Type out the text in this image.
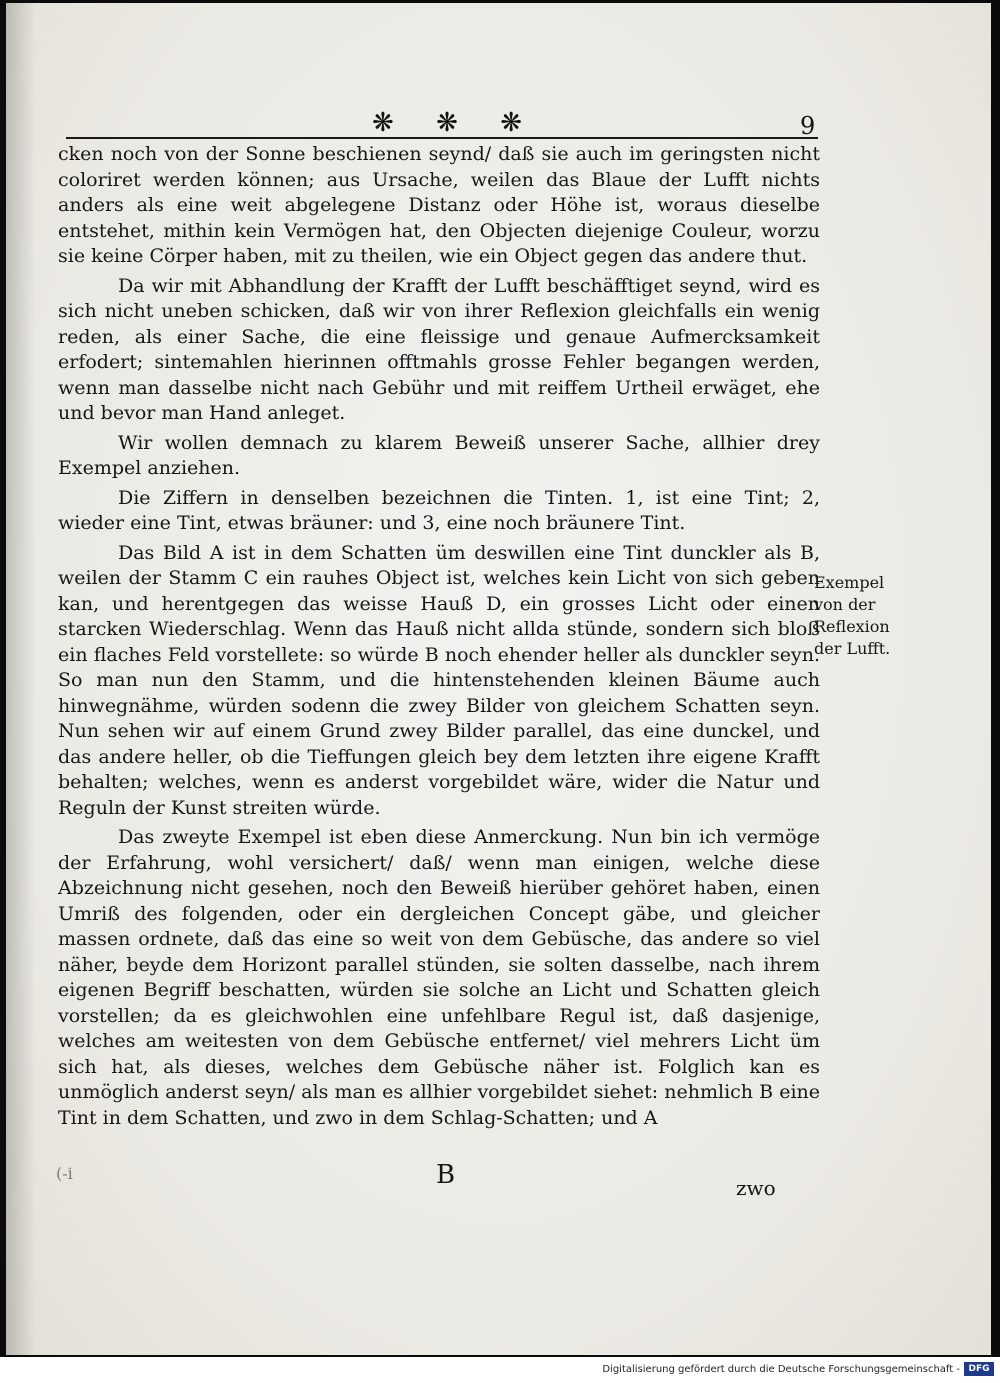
❋ ❋ ❋	9

cken noch von der Sonne beschienen seynd/ daß sie auch im geringsten nicht coloriret werden können; aus Ursache, weilen das Blaue der Lufft nichts anders als eine weit abgelegene Distanz oder Höhe ist, woraus dieselbe entstehet, mithin kein Vermögen hat, den Objecten diejenige Couleur, worzu sie keine Cörper haben, mit zu theilen, wie ein Object gegen das andere thut.

Da wir mit Abhandlung der Krafft der Lufft beschäfftiget seynd, wird es sich nicht uneben schicken, daß wir von ihrer Reflexion gleichfalls ein wenig reden, als einer Sache, die eine fleissige und genaue Aufmercksamkeit erfodert; sintemahlen hierinnen offtmahls grosse Fehler begangen werden, wenn man dasselbe nicht nach Gebühr und mit reiffem Urtheil erwäget, ehe und bevor man Hand anleget.

Wir wollen demnach zu klarem Beweiß unserer Sache, allhier drey Exempel anziehen.

Die Ziffern in denselben bezeichnen die Tinten. 1, ist eine Tint; 2, wieder eine Tint, etwas bräuner: und 3, eine noch bräunere Tint.

Das Bild A ist in dem Schatten üm deswillen eine Tint dunckler als B, weilen der Stamm C ein rauhes Object ist, welches kein Licht von sich geben kan, und herentgegen das weisse Hauß D, ein grosses Licht oder einen starcken Wiederschlag. Wenn das Hauß nicht allda stünde, sondern sich bloß ein flaches Feld vorstellete: so würde B noch ehender heller als dunckler seyn. So man nun den Stamm, und die hintenstehenden kleinen Bäume auch hinwegnähme, würden sodenn die zwey Bilder von gleichem Schatten seyn. Nun sehen wir auf einem Grund zwey Bilder parallel, das eine dunckel, und das andere heller, ob die Tieffungen gleich bey dem letzten ihre eigene Krafft behalten; welches, wenn es anderst vorgebildet wäre, wider die Natur und Reguln der Kunst streiten würde.

Das zweyte Exempel ist eben diese Anmerckung. Nun bin ich vermöge der Erfahrung, wohl versichert/ daß/ wenn man einigen, welche diese Abzeichnung nicht gesehen, noch den Beweiß hierüber gehöret haben, einen Umriß des folgenden, oder ein dergleichen Concept gäbe, und gleicher massen ordnete, daß das eine so weit von dem Gebüsche, das andere so viel näher, beyde dem Horizont parallel stünden, sie solten dasselbe, nach ihrem eigenen Begriff beschatten, würden sie solche an Licht und Schatten gleich vorstellen; da es gleichwohlen eine unfehlbare Regul ist, daß dasjenige, welches am weitesten von dem Gebüsche entfernet/ viel mehrers Licht üm sich hat, als dieses, welches dem Gebüsche näher ist. Folglich kan es unmöglich anderst seyn/ als man es allhier vorgebildet siehet: nehmlich B eine Tint in dem Schatten, und zwo in dem Schlag-Schatten; und A

Exempel
von der
Reflexion
der Lufft.
(-i	B	zwo
Digitalisierung gefördert durch die Deutsche Forschungsgemeinschaft - DFG
